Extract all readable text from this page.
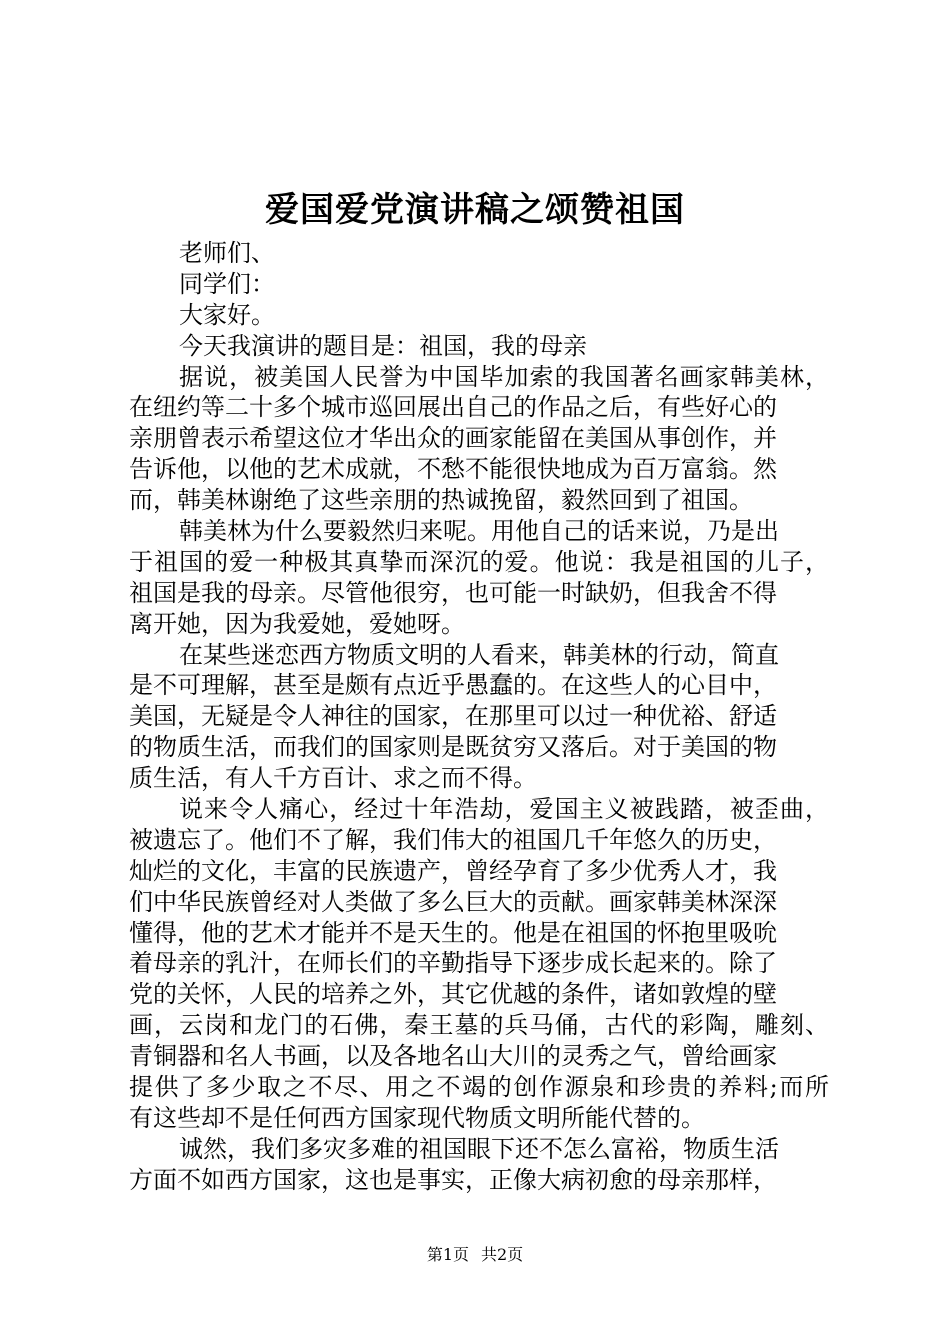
爱国爱党演讲稿之颂赞祖国
老师们、
同学们：
大家好。
今天我演讲的题目是：祖国，我的母亲
据说，被美国人民誉为中国毕加索的我国著名画家韩美林，
在纽约等二十多个城市巡回展出自己的作品之后，有些好心的
亲朋曾表示希望这位才华出众的画家能留在美国从事创作，并
告诉他，以他的艺术成就，不愁不能很快地成为百万富翁。然
而，韩美林谢绝了这些亲朋的热诚挽留，毅然回到了祖国。
韩美林为什么要毅然归来呢。用他自己的话来说，乃是出
于祖国的爱一种极其真挚而深沉的爱。他说：我是祖国的儿子，
祖国是我的母亲。尽管他很穷，也可能一时缺奶，但我舍不得
离开她，因为我爱她，爱她呀。
在某些迷恋西方物质文明的人看来，韩美林的行动，简直
是不可理解，甚至是颇有点近乎愚蠢的。在这些人的心目中，
美国，无疑是令人神往的国家，在那里可以过一种优裕、舒适
的物质生活，而我们的国家则是既贫穷又落后。对于美国的物
质生活，有人千方百计、求之而不得。
说来令人痛心，经过十年浩劫，爱国主义被践踏，被歪曲，
被遗忘了。他们不了解，我们伟大的祖国几千年悠久的历史，
灿烂的文化，丰富的民族遗产，曾经孕育了多少优秀人才，我
们中华民族曾经对人类做了多么巨大的贡献。画家韩美林深深
懂得，他的艺术才能并不是天生的。他是在祖国的怀抱里吸吮
着母亲的乳汁，在师长们的辛勤指导下逐步成长起来的。除了
党的关怀，人民的培养之外，其它优越的条件，诸如敦煌的壁
画，云岗和龙门的石佛，秦王墓的兵马俑，古代的彩陶，雕刻、
青铜器和名人书画，以及各地名山大川的灵秀之气，曾给画家
提供了多少取之不尽、用之不竭的创作源泉和珍贵的养料;而所
有这些却不是任何西方国家现代物质文明所能代替的。
诚然，我们多灾多难的祖国眼下还不怎么富裕，物质生活
方面不如西方国家，这也是事实，正像大病初愈的母亲那样，
第1页 共2页
